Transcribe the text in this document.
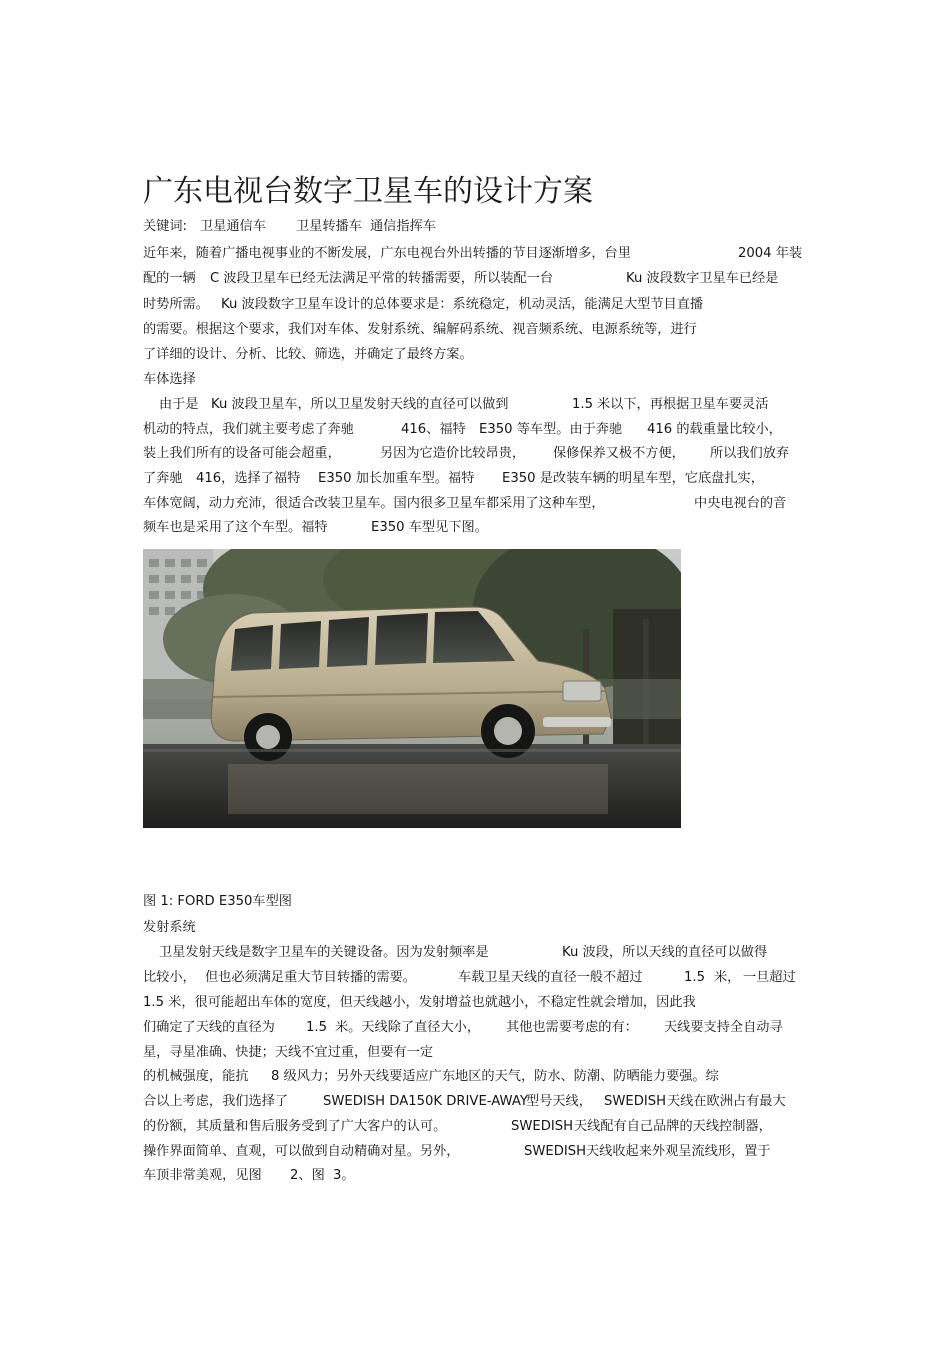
广东电视台数字卫星车的设计方案
关键词: 卫星通信车 卫星转播车 通信指挥车
近年来，随着广播电视事业的不断发展，广东电视台外出转播的节目逐渐增多，台里	2004 年装
配的一辆 C 波段卫星车已经无法满足平常的转播需要，所以装配一台	Ku 波段数字卫星车已经是
时势所需。 Ku 波段数字卫星车设计的总体要求是：系统稳定，机动灵活，能满足大型节目直播
的需要。根据这个要求，我们对车体、发射系统、编解码系统、视音频系统、电源系统等，进行
了详细的设计、分析、比较、筛选，并确定了最终方案。
车体选择
由于是 Ku 波段卫星车，所以卫星发射天线的直径可以做到	1.5 米以下，再根据卫星车要灵活
机动的特点，我们就主要考虑了奔驰	416、福特 E350 等车型。由于奔驰 416 的载重量比较小，
装上我们所有的设备可能会超重，	另因为它造价比较昂贵， 保修保养又极不方便， 所以我们放弃
了奔驰 416，选择了福特 E350 加长加重车型。福特 E350 是改装车辆的明星车型，它底盘扎实，
车体宽阔，动力充沛，很适合改装卫星车。国内很多卫星车都采用了这种车型，	中央电视台的音
频车也是采用了这个车型。福特	E350 车型见下图。
图 1: FORD E350车型图
发射系统
卫星发射天线是数字卫星车的关键设备。因为发射频率是	Ku 波段，所以天线的直径可以做得
比较小， 但也必须满足重大节目转播的需要。	车载卫星天线的直径一般不超过	1.5 米， 一旦超过
1.5 米，很可能超出车体的宽度，但天线越小，发射增益也就越小，不稳定性就会增加，因此我
们确定了天线的直径为 1.5 米。天线除了直径大小， 其他也需要考虑的有： 天线要支持全自动寻
星，寻星准确、快捷；天线不宜过重，但要有一定
的机械强度，能抗 8 级风力；另外天线要适应广东地区的天气，防水、防潮、防晒能力要强。综
合以上考虑，我们选择了	SWEDISH DA150K DRIVE-AWAY
型号天线， SWEDISH 天线在欧洲占有最大
的份额，其质量和售后服务受到了广大客户的认可。	SWEDISH 天线配有自己品牌的天线控制器，
操作界面简单、直观，可以做到自动精确对星。另外，	SWEDISH 天线收起来外观呈流线形，置于
车顶非常美观，见图 2、图 3。
